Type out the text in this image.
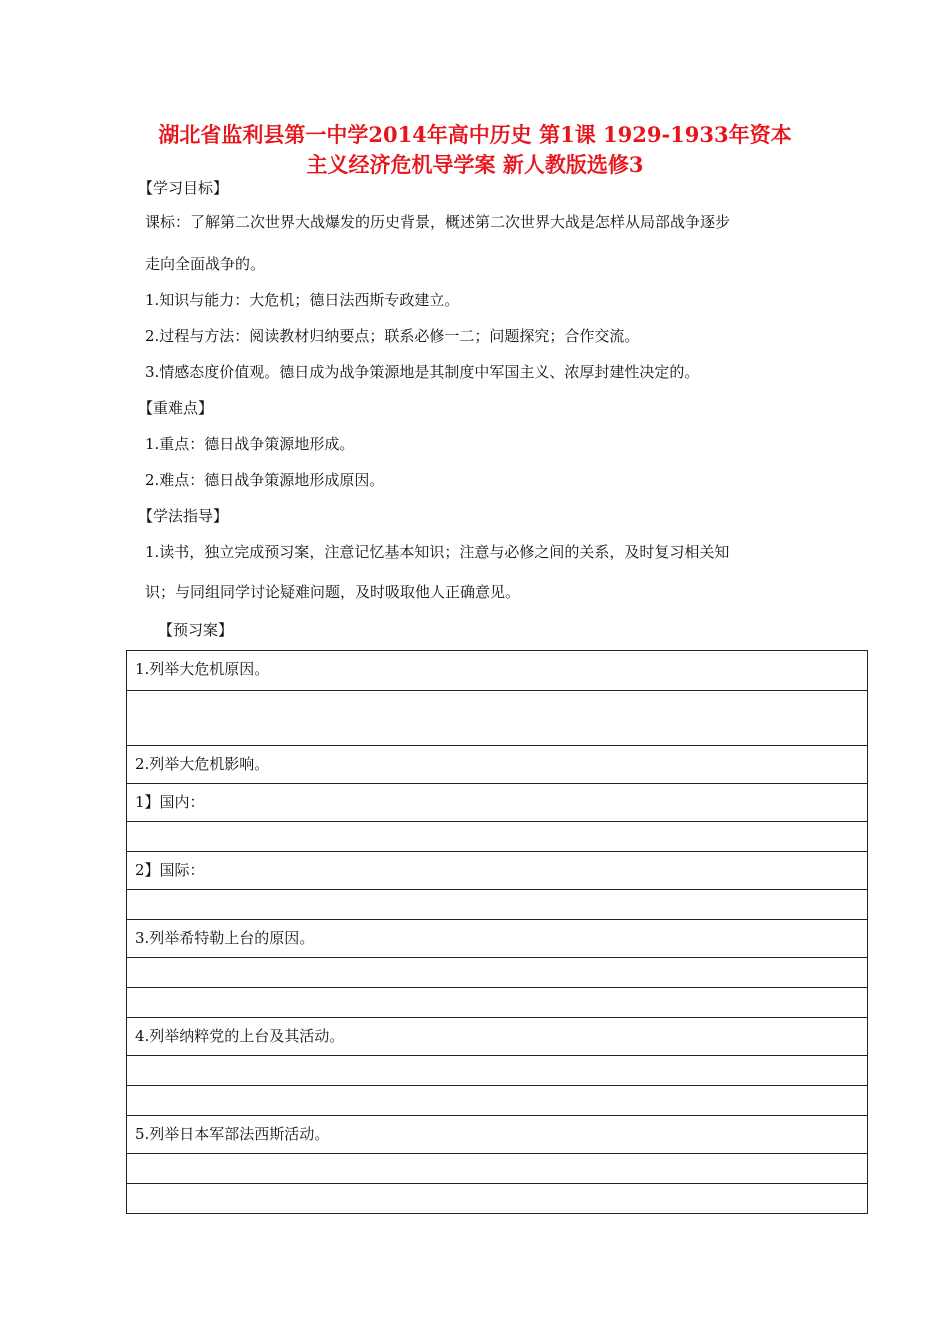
湖北省监利县第一中学2014年高中历史 第1课 1929-1933年资本
主义经济危机导学案 新人教版选修3
【学习目标】
课标：了解第二次世界大战爆发的历史背景，概述第二次世界大战是怎样从局部战争逐步
走向全面战争的。
1.知识与能力：大危机；德日法西斯专政建立。
2.过程与方法：阅读教材归纳要点；联系必修一二；问题探究；合作交流。
3.情感态度价值观。德日成为战争策源地是其制度中军国主义、浓厚封建性决定的。
【重难点】
1.重点：德日战争策源地形成。
2.难点：德日战争策源地形成原因。
【学法指导】
1.读书，独立完成预习案，注意记忆基本知识；注意与必修之间的关系，及时复习相关知
识；与同组同学讨论疑难问题，及时吸取他人正确意见。
【预习案】
1.列举大危机原因。

2.列举大危机影响。
1】国内：

2】国际：

3.列举希特勒上台的原因。

4.列举纳粹党的上台及其活动。

5.列举日本军部法西斯活动。
